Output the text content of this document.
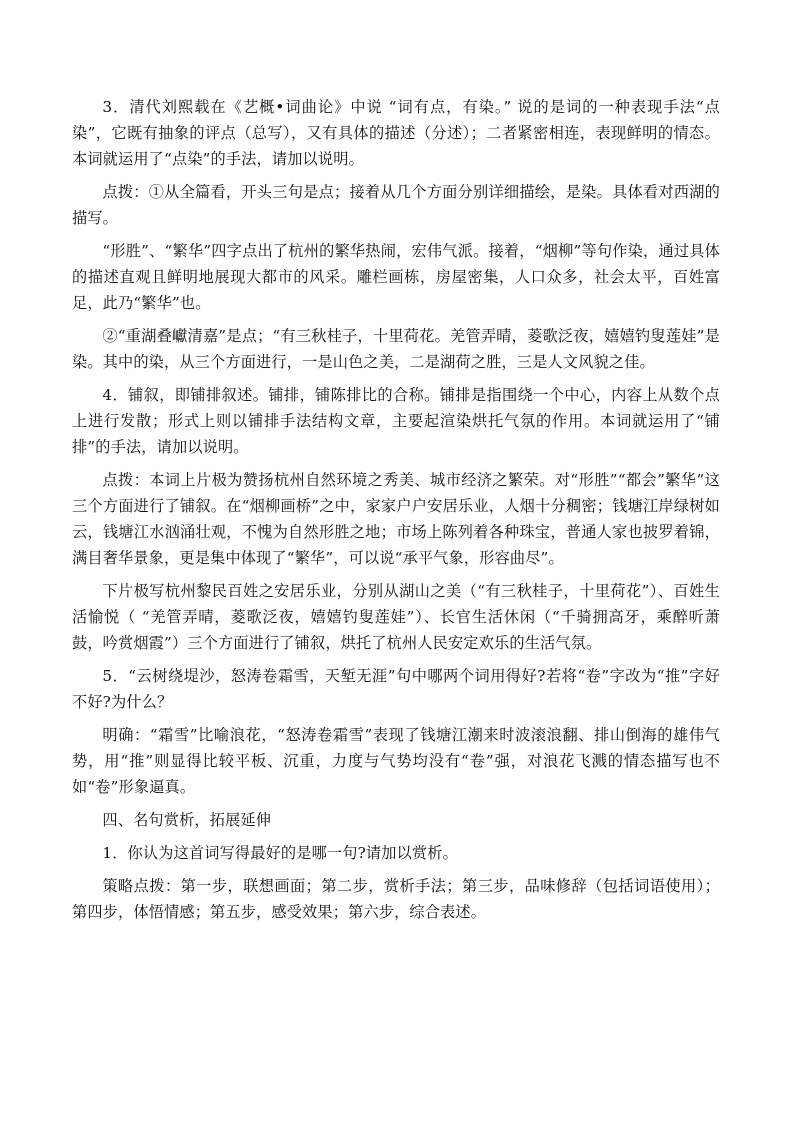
3．清代刘熙载在《艺概•词曲论》中说 “词有点，有染。” 说的是词的一种表现手法“点染”，它既有抽象的评点（总写），又有具体的描述（分述）；二者紧密相连，表现鲜明的情态。本词就运用了“点染”的手法，请加以说明。

点拨：①从全篇看，开头三句是点；接着从几个方面分别详细描绘，是染。具体看对西湖的描写。

“形胜”、“繁华”四字点出了杭州的繁华热闹，宏伟气派。接着，“烟柳”等句作染，通过具体的描述直观且鲜明地展现大都市的风采。雕栏画栋，房屋密集，人口众多，社会太平，百姓富足，此乃“繁华”也。

②“重湖叠巘清嘉”是点；“有三秋桂子，十里荷花。羌管弄晴，菱歌泛夜，嬉嬉钓叟莲娃”是染。其中的染，从三个方面进行，一是山色之美，二是湖荷之胜，三是人文风貌之佳。

4．铺叙，即铺排叙述。铺排，铺陈排比的合称。铺排是指围绕一个中心，内容上从数个点上进行发散；形式上则以铺排手法结构文章，主要起渲染烘托气氛的作用。本词就运用了“铺排”的手法，请加以说明。

点拨：本词上片极为赞扬杭州自然环境之秀美、城市经济之繁荣。对“形胜”“都会”繁华”这三个方面进行了铺叙。在“烟柳画桥”之中，家家户户安居乐业，人烟十分稠密；钱塘江岸绿树如云，钱塘江水汹涌壮观，不愧为自然形胜之地；市场上陈列着各种珠宝，普通人家也披罗着锦，满目奢华景象，更是集中体现了“繁华”，可以说“承平气象，形容曲尽”。

下片极写杭州黎民百姓之安居乐业，分别从湖山之美（“有三秋桂子，十里荷花”）、百姓生活愉悦（ “羌管弄晴，菱歌泛夜，嬉嬉钓叟莲娃”）、长官生活休闲（“千骑拥高牙，乘醉听萧鼓，吟赏烟霞”）三个方面进行了铺叙，烘托了杭州人民安定欢乐的生活气氛。

5．“云树绕堤沙，怒涛卷霜雪，天堑无涯”句中哪两个词用得好?若将“卷”字改为“推”字好不好?为什么？

明确：“霜雪”比喻浪花，“怒涛卷霜雪”表现了钱塘江潮来时波滚浪翻、排山倒海的雄伟气势，用“推”则显得比较平板、沉重，力度与气势均没有“卷”强，对浪花飞溅的情态描写也不如“卷”形象逼真。

四、名句赏析，拓展延伸

1．你认为这首词写得最好的是哪一句?请加以赏析。

策略点拨：第一步，联想画面；第二步，赏析手法；第三步，品味修辞（包括词语使用）；第四步，体悟情感；第五步，感受效果；第六步，综合表述。
